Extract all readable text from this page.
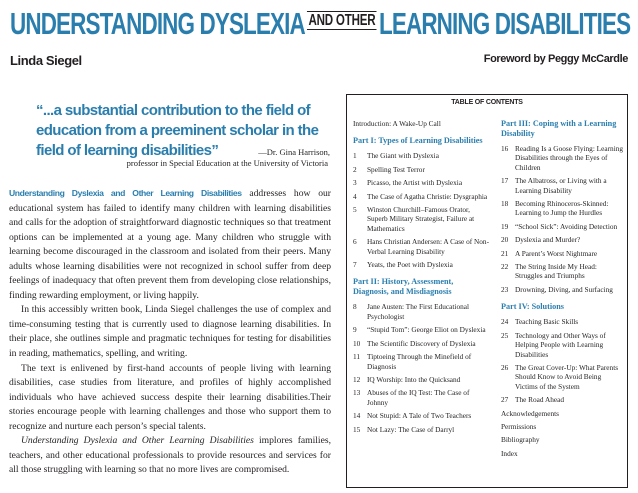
UNDERSTANDING DYSLEXIA $^{AND OTHER}$ LEARNING DISABILITIES
Linda Siegel	Foreword by Peggy McCardle
“...a substantial contribution to the field of education from a preeminent scholar in the field of learning disabilities”	—Dr. Gina Harrison,
professor in Special Education at the University of Victoria

Understanding Dyslexia and Other Learning Disabilities addresses how our educational system has failed to identify many children with learning disabilities and calls for the adoption of straightforward diagnostic techniques so that treatment options can be implemented at a young age. Many children who struggle with learning become discouraged in the classroom and isolated from their peers. Many adults whose learning disabilities were not recognized in school suffer from deep feelings of inadequacy that often prevent them from developing close relationships, finding rewarding employment, or living happily.

In this accessibly written book, Linda Siegel challenges the use of complex and time-consuming testing that is currently used to diagnose learning disabilities. In their place, she outlines simple and pragmatic techniques for testing for disabilities in reading, mathematics, spelling, and writing.

The text is enlivened by first-hand accounts of people living with learning disabilities, case studies from literature, and profiles of highly accomplished individuals who have achieved success despite their learning disabilities.Their stories encourage people with learning challenges and those who support them to recognize and nurture each person’s special talents.

Understanding Dyslexia and Other Learning Disabilities implores families, teachers, and other educational professionals to provide resources and services for all those struggling with learning so that no more lives are compromised.

TABLE OF CONTENTS
Introduction: A Wake-Up Call
Part I: Types of Learning Disabilities
1	The Giant with Dyslexia
2	Spelling Test Terror
3	Picasso, the Artist with Dyslexia
4	The Case of Agatha Christie: Dysgraphia
5	Winston Churchill–Famous Orator, Superb Military Strategist, Failure at Mathematics
6	Hans Christian Andersen: A Case of Non-Verbal Learning Disability
7	Yeats, the Poet with Dyslexia
Part II: History, Assessment, Diagnosis, and Misdiagnosis
8	Jane Austen: The First Educational Psychologist
9	“Stupid Tom”: George Eliot on Dyslexia
10 The Scientific Discovery of Dyslexia
11 Tiptoeing Through the Minefield of Diagnosis
12 IQ Worship: Into the Quicksand
13 Abuses of the IQ Test: The Case of Johnny
14 Not Stupid: A Tale of Two Teachers
15 Not Lazy: The Case of Darryl
Part III: Coping with a Learning Disability
16 Reading Is a Goose Flying: Learning Disabilities through the Eyes of Children
17 The Albatross, or Living with a Learning Disability
18 Becoming Rhinoceros-Skinned: Learning to Jump the Hurdles
19 “School Sick”: Avoiding Detection
20 Dyslexia and Murder?
21 A Parent’s Worst Nightmare
22 The String Inside My Head: Struggles and Triumphs
23 Drowning, Diving, and Surfacing
Part IV: Solutions
24 Teaching Basic Skills
25 Technology and Other Ways of Helping People with Learning Disabilities
26 The Great Cover-Up: What Parents Should Know to Avoid Being Victims of the System
27 The Road Ahead
Acknowledgements
Permissions
Bibliography
Index
